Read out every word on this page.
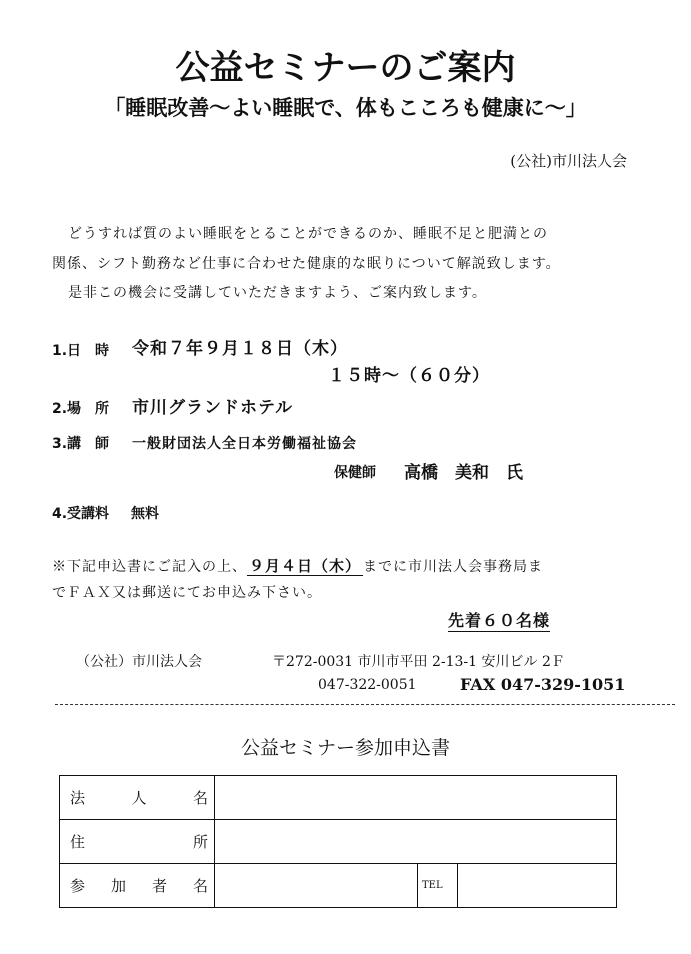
公益セミナーのご案内
「睡眠改善～よい睡眠で、体もこころも健康に～」
(公社)市川法人会
どうすれば質のよい睡眠をとることができるのか、睡眠不足と肥満との
関係、シフト勤務など仕事に合わせた健康的な眠りについて解説致します。
是非この機会に受講していただきますよう、ご案内致します。
1.日　時 令和７年９月１８日（木）
１５時～（６０分）
2.場　所 市川グランドホテル
3.講　師 一般財団法人全日本労働福祉協会
保健師 高橋　美和　氏
4.受講料 無料
※下記申込書にご記入の上、 ９月４日（木） までに市川法人会事務局ま
でＦＡＸ又は郵送にてお申込み下さい。
先着６０名様
（公社）市川法人会	〒272-0031 市川市平田 2-13-1 安川ビル 2Ｆ
047-322-0051	FAX 047-329-1051
公益セミナー参加申込書
法 人 名			

住 所			

参 加 者 名		TEL	
